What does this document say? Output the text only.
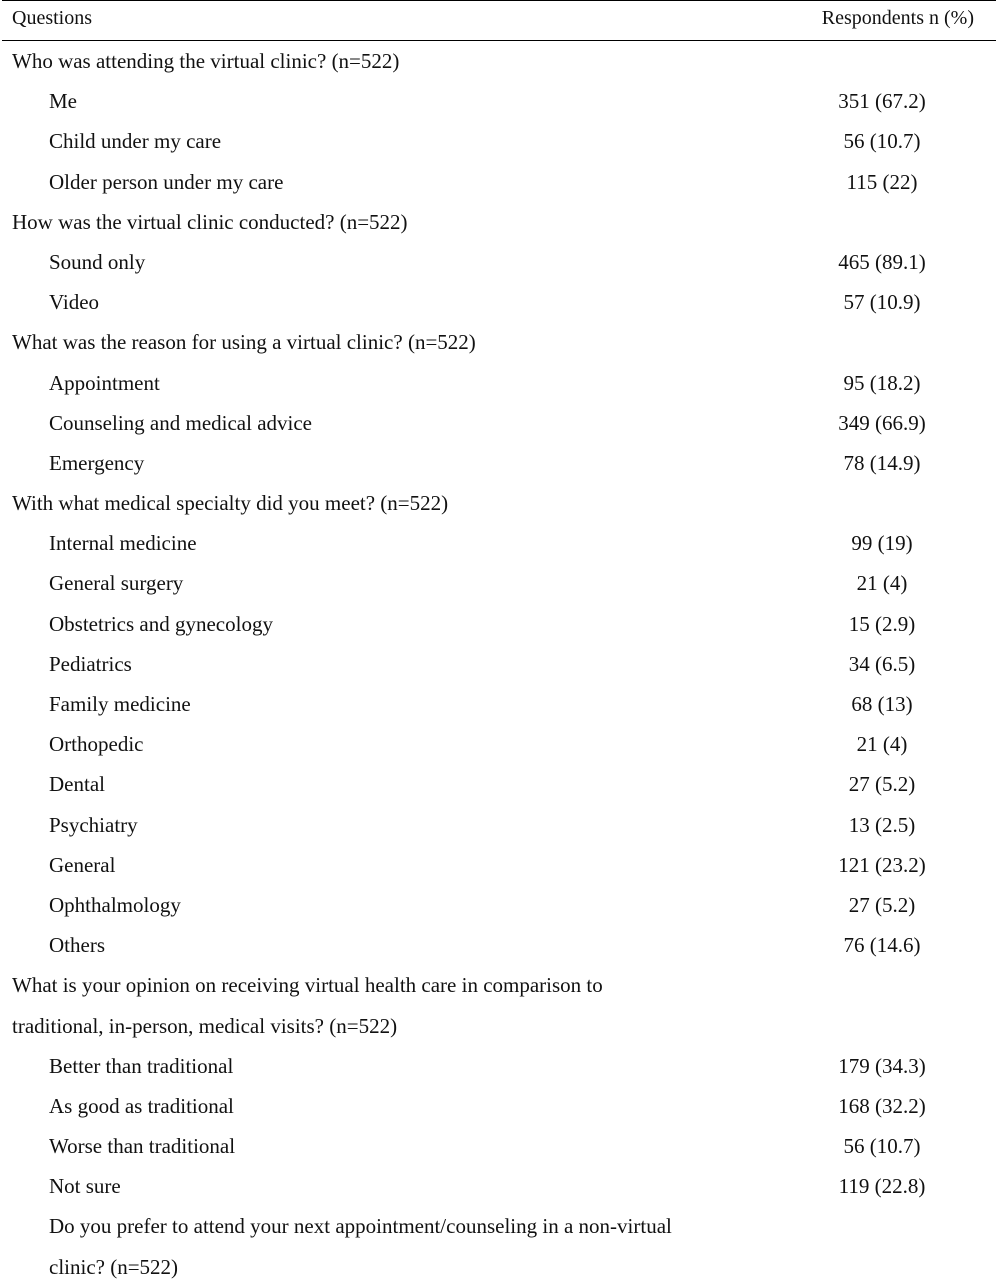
Questions	Respondents n (%)
Who was attending the virtual clinic? (n=522)
Me	351 (67.2)
Child under my care	56 (10.7)
Older person under my care	115 (22)
How was the virtual clinic conducted? (n=522)
Sound only	465 (89.1)
Video	57 (10.9)
What was the reason for using a virtual clinic? (n=522)
Appointment	95 (18.2)
Counseling and medical advice	349 (66.9)
Emergency	78 (14.9)
With what medical specialty did you meet? (n=522)
Internal medicine	99 (19)
General surgery	21 (4)
Obstetrics and gynecology	15 (2.9)
Pediatrics	34 (6.5)
Family medicine	68 (13)
Orthopedic	21 (4)
Dental	27 (5.2)
Psychiatry	13 (2.5)
General	121 (23.2)
Ophthalmology	27 (5.2)
Others	76 (14.6)
What is your opinion on receiving virtual health care in comparison to
traditional, in-person, medical visits? (n=522)
Better than traditional	179 (34.3)
As good as traditional	168 (32.2)
Worse than traditional	56 (10.7)
Not sure	119 (22.8)
Do you prefer to attend your next appointment/counseling in a non-virtual
clinic? (n=522)
